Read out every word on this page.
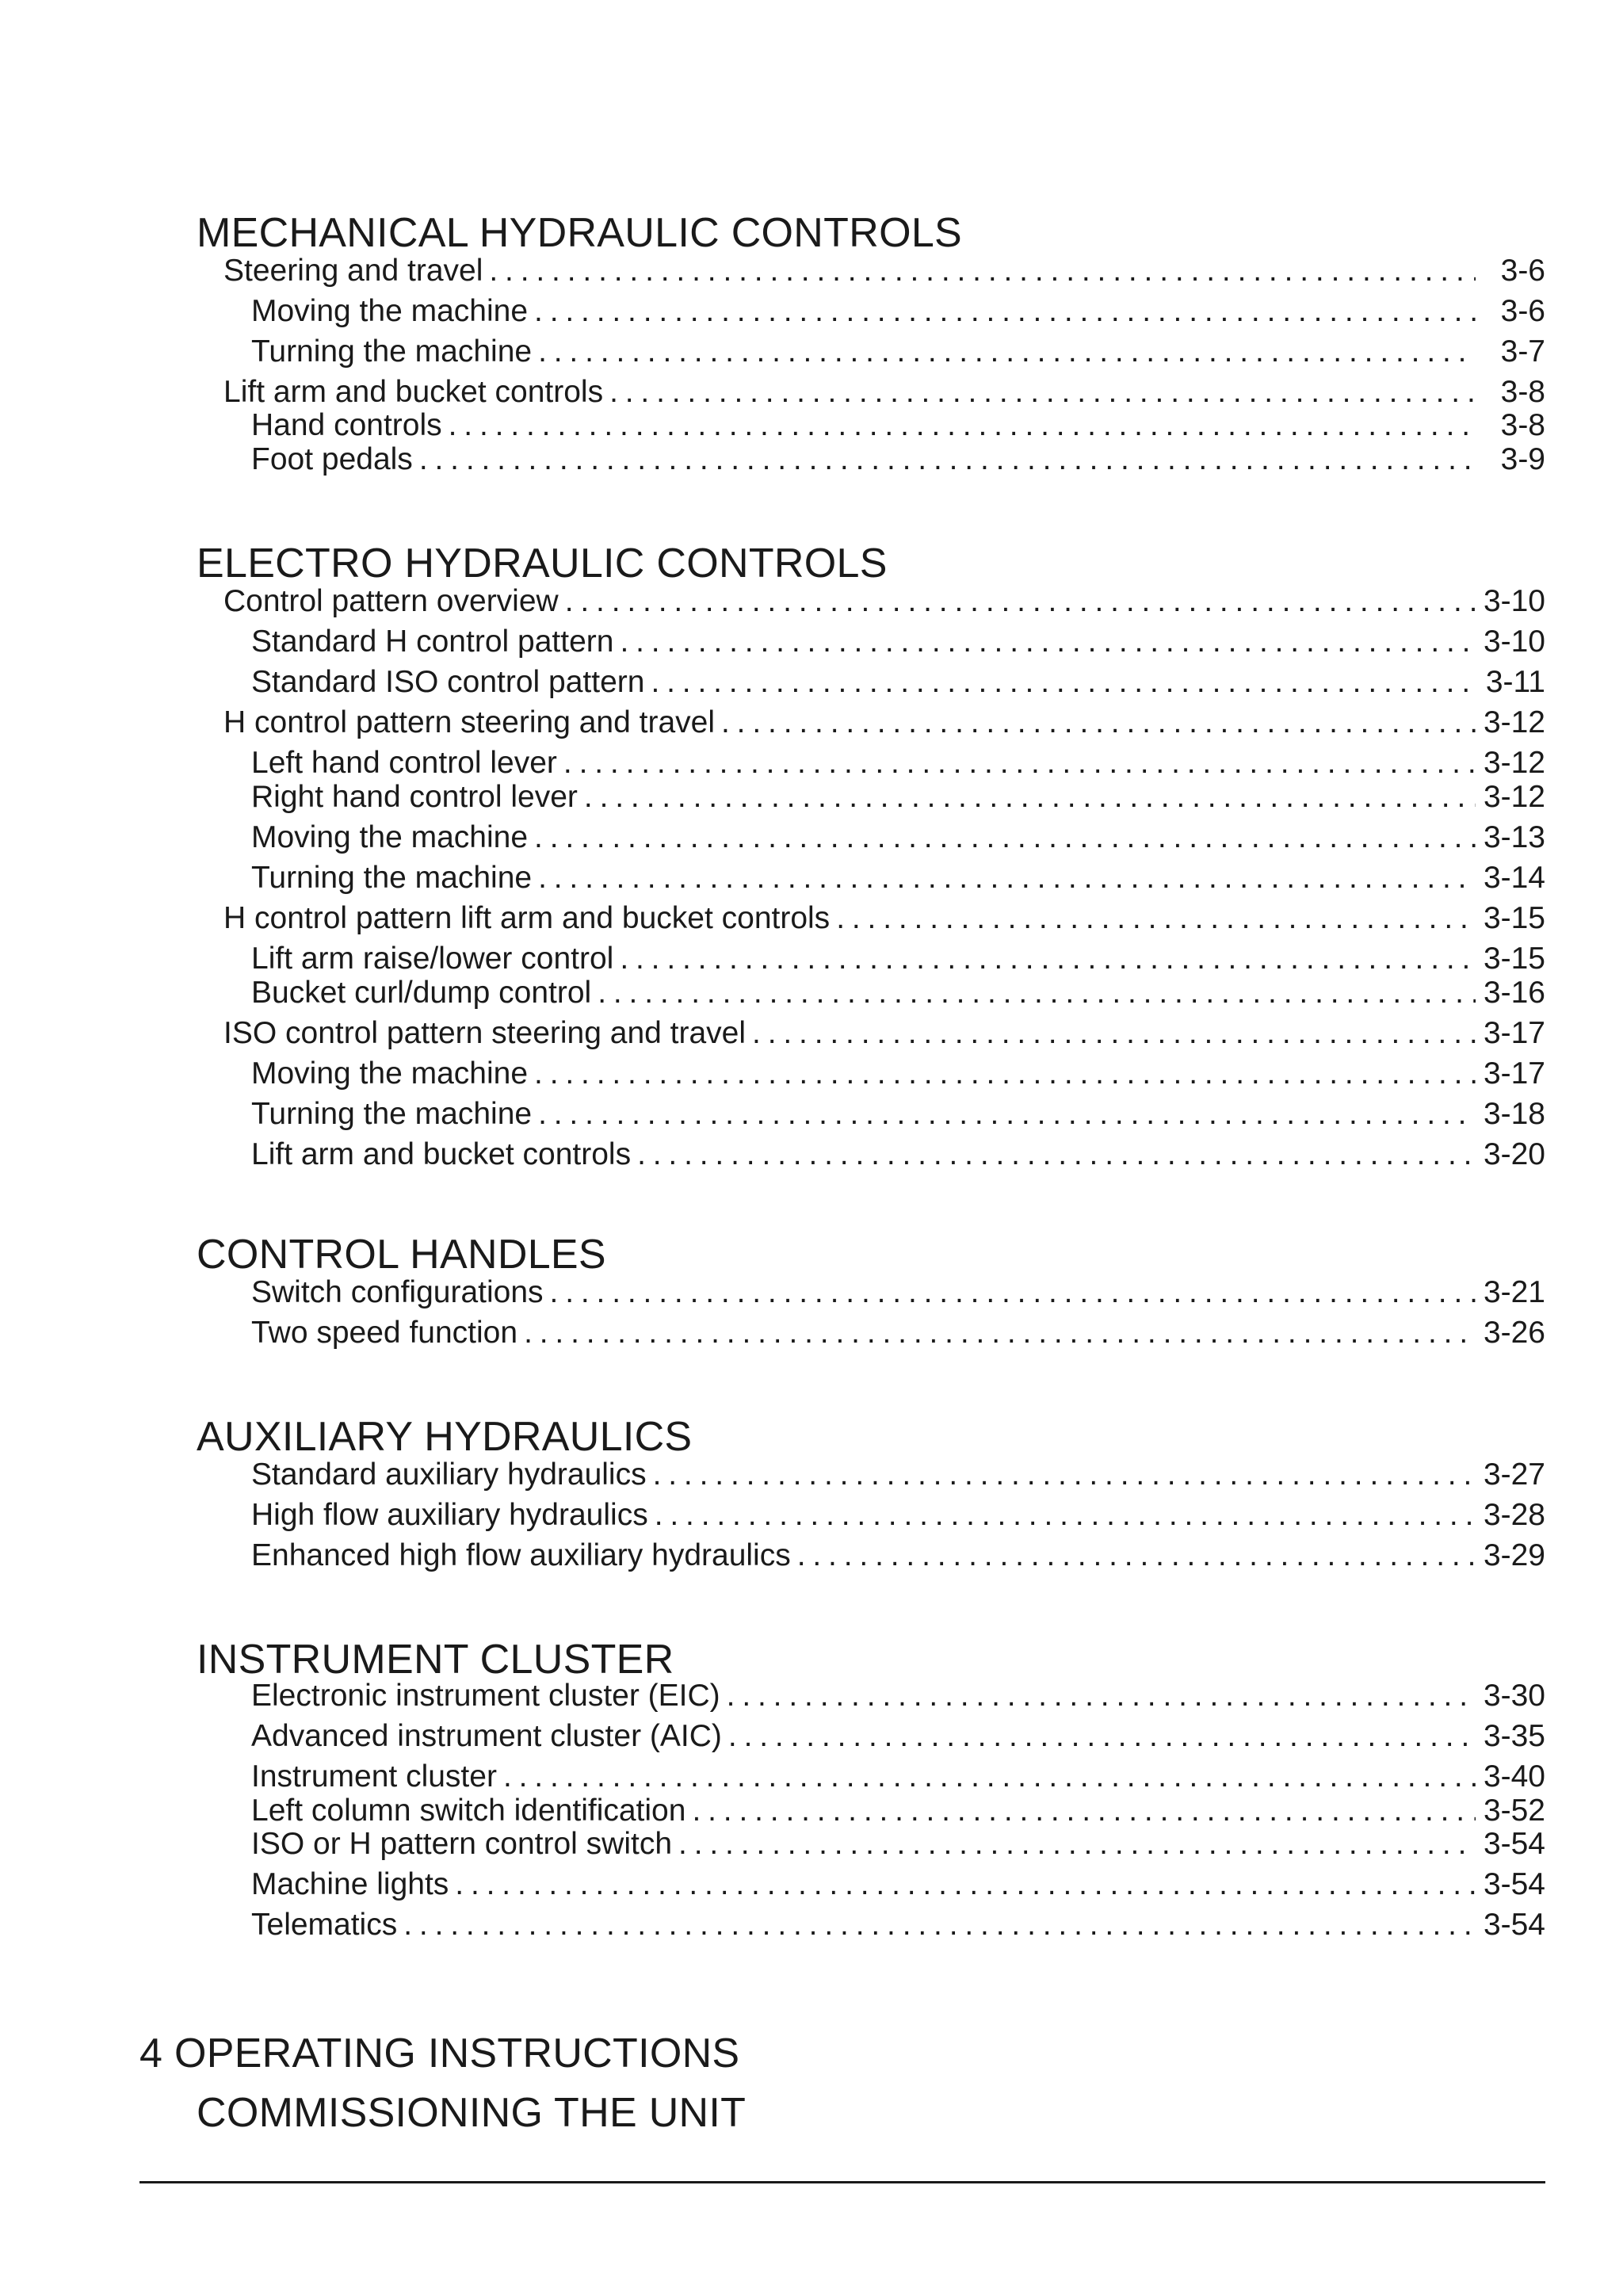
MECHANICAL HYDRAULIC CONTROLS
Steering and travel . . .	3-6
Moving the machine . . .	3-6
Turning the machine . . .	3-7
Lift arm and bucket controls . . .	3-8
Hand controls . . .	3-8
Foot pedals . . .	3-9
ELECTRO HYDRAULIC CONTROLS
Control pattern overview . . .	3-10
Standard H control pattern . . .	3-10
Standard ISO control pattern . . .	3-11
H control pattern steering and travel . . .	3-12
Left hand control lever . . .	3-12
Right hand control lever . . .	3-12
Moving the machine . . .	3-13
Turning the machine . . .	3-14
H control pattern lift arm and bucket controls . . .	3-15
Lift arm raise/lower control . . .	3-15
Bucket curl/dump control . . .	3-16
ISO control pattern steering and travel . . .	3-17
Moving the machine . . .	3-17
Turning the machine . . .	3-18
Lift arm and bucket controls . . .	3-20
CONTROL HANDLES
Switch configurations . . .	3-21
Two speed function . . .	3-26
AUXILIARY HYDRAULICS
Standard auxiliary hydraulics . . .	3-27
High flow auxiliary hydraulics . . .	3-28
Enhanced high flow auxiliary hydraulics . . .	3-29
INSTRUMENT CLUSTER
Electronic instrument cluster (EIC) . . .	3-30
Advanced instrument cluster (AIC) . . .	3-35
Instrument cluster . . .	3-40
Left column switch identification . . .	3-52
ISO or H pattern control switch . . .	3-54
Machine lights . . .	3-54
Telematics . . .	3-54
4 OPERATING INSTRUCTIONS
COMMISSIONING THE UNIT
